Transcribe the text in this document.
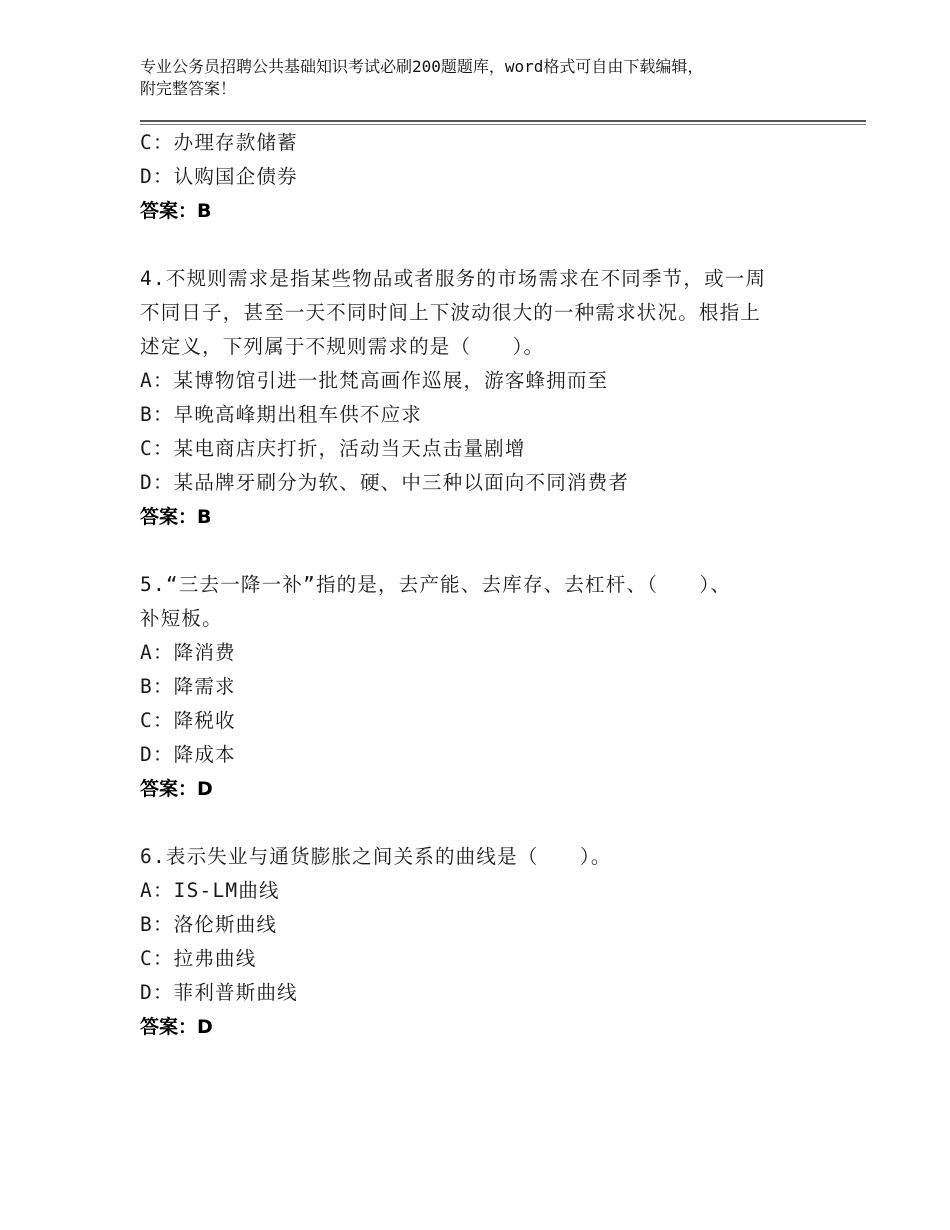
专业公务员招聘公共基础知识考试必刷200题题库，word格式可自由下载编辑，
附完整答案！
C：办理存款储蓄
D：认购国企债券
答案：B
4.不规则需求是指某些物品或者服务的市场需求在不同季节，或一周
不同日子，甚至一天不同时间上下波动很大的一种需求状况。根指上
述定义，下列属于不规则需求的是（　　）。
A：某博物馆引进一批梵高画作巡展，游客蜂拥而至
B：早晚高峰期出租车供不应求
C：某电商店庆打折，活动当天点击量剧增
D：某品牌牙刷分为软、硬、中三种以面向不同消费者
答案：B
5.“三去一降一补”指的是，去产能、去库存、去杠杆、（　　）、
补短板。
A：降消费
B：降需求
C：降税收
D：降成本
答案：D
6.表示失业与通货膨胀之间关系的曲线是（　　）。
A：IS-LM曲线
B：洛伦斯曲线
C：拉弗曲线
D：菲利普斯曲线
答案：D
